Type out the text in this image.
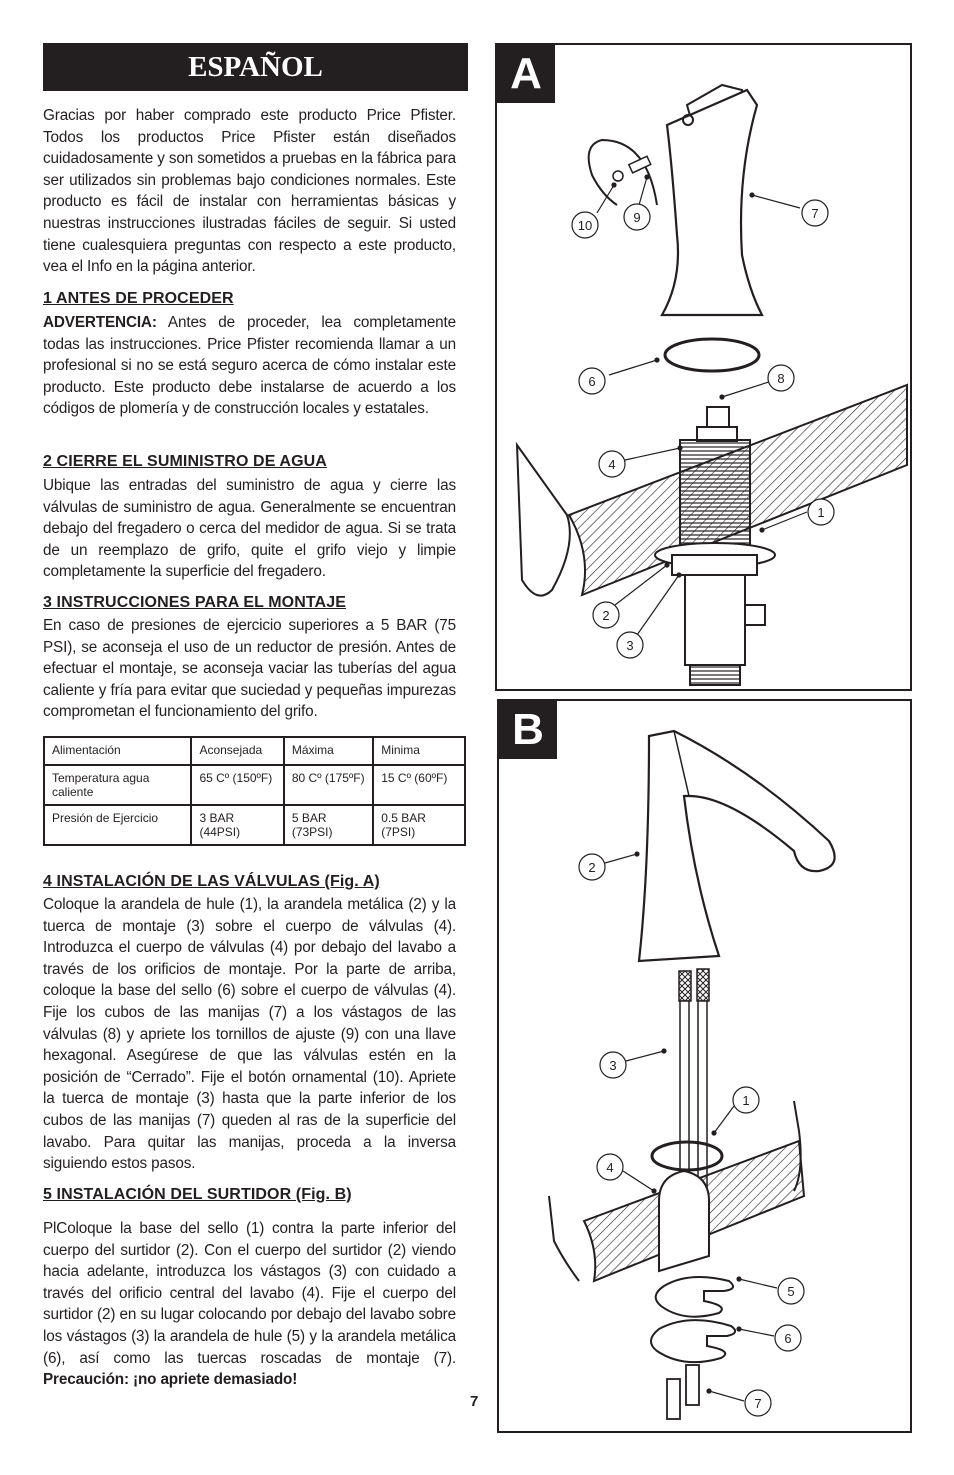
ESPAÑOL
Gracias por haber comprado este producto Price Pfister. Todos los productos Price Pfister están diseñados cuidadosamente y son sometidos a pruebas en la fábrica para ser utilizados sin problemas bajo condiciones normales. Este producto es fácil de instalar con herramientas básicas y nuestras instrucciones ilustradas fáciles de seguir. Si usted tiene cualesquiera preguntas con respecto a este producto, vea el Info en la página anterior.
1 ANTES DE PROCEDER
ADVERTENCIA: Antes de proceder, lea completamente todas las instrucciones. Price Pfister recomienda llamar a un profesional si no se está seguro acerca de cómo instalar este producto. Este producto debe instalarse de acuerdo a los códigos de plomería y de construcción locales y estatales.
2 CIERRE EL SUMINISTRO DE AGUA
Ubique las entradas del suministro de agua y cierre las válvulas de suministro de agua. Generalmente se encuentran debajo del fregadero o cerca del medidor de agua. Si se trata de un reemplazo de grifo, quite el grifo viejo y limpie completamente la superficie del fregadero.
3 INSTRUCCIONES PARA EL MONTAJE
En caso de presiones de ejercicio superiores a 5 BAR (75 PSI), se aconseja el uso de un reductor de presión. Antes de efectuar el montaje, se aconseja vaciar las tuberías del agua caliente y fría para evitar que suciedad y pequeñas impurezas comprometan el funcionamiento del grifo.
Alimentación	Aconsejada	Máxima	Minima
Temperatura agua caliente	65 Cº (150ºF)	80 Cº (175ºF)	15 Cº (60ºF)
Presión de Ejercicio	3 BAR (44PSI)	5 BAR (73PSI)	0.5 BAR (7PSI)
4 INSTALACIÓN DE LAS VÁLVULAS (Fig. A)
Coloque la arandela de hule (1), la arandela metálica (2) y la tuerca de montaje (3) sobre el cuerpo de válvulas (4). Introduzca el cuerpo de válvulas (4) por debajo del lavabo a través de los orificios de montaje. Por la parte de arriba, coloque la base del sello (6) sobre el cuerpo de válvulas (4). Fije los cubos de las manijas (7) a los vástagos de las válvulas (8) y apriete los tornillos de ajuste (9) con una llave hexagonal. Asegúrese de que las válvulas estén en la posición de “Cerrado”. Fije el botón ornamental (10). Apriete la tuerca de montaje (3) hasta que la parte inferior de los cubos de las manijas (7) queden al ras de la superficie del lavabo. Para quitar las manijas, proceda a la inversa siguiendo estos pasos.
5 INSTALACIÓN DEL SURTIDOR (Fig. B)
PlColoque la base del sello (1) contra la parte inferior del cuerpo del surtidor (2). Con el cuerpo del surtidor (2) viendo hacia adelante, introduzca los vástagos (3) con cuidado a través del orificio central del lavabo (4). Fije el cuerpo del surtidor (2) en su lugar colocando por debajo del lavabo sobre los vástagos (3) la arandela de hule (5) y la arandela metálica (6), así como las tuercas roscadas de montaje (7). Precaución: ¡no apriete demasiado!
10
9	7
6	8
4
1
2
3
A
2
3
1
4
5
6
7
B
7
